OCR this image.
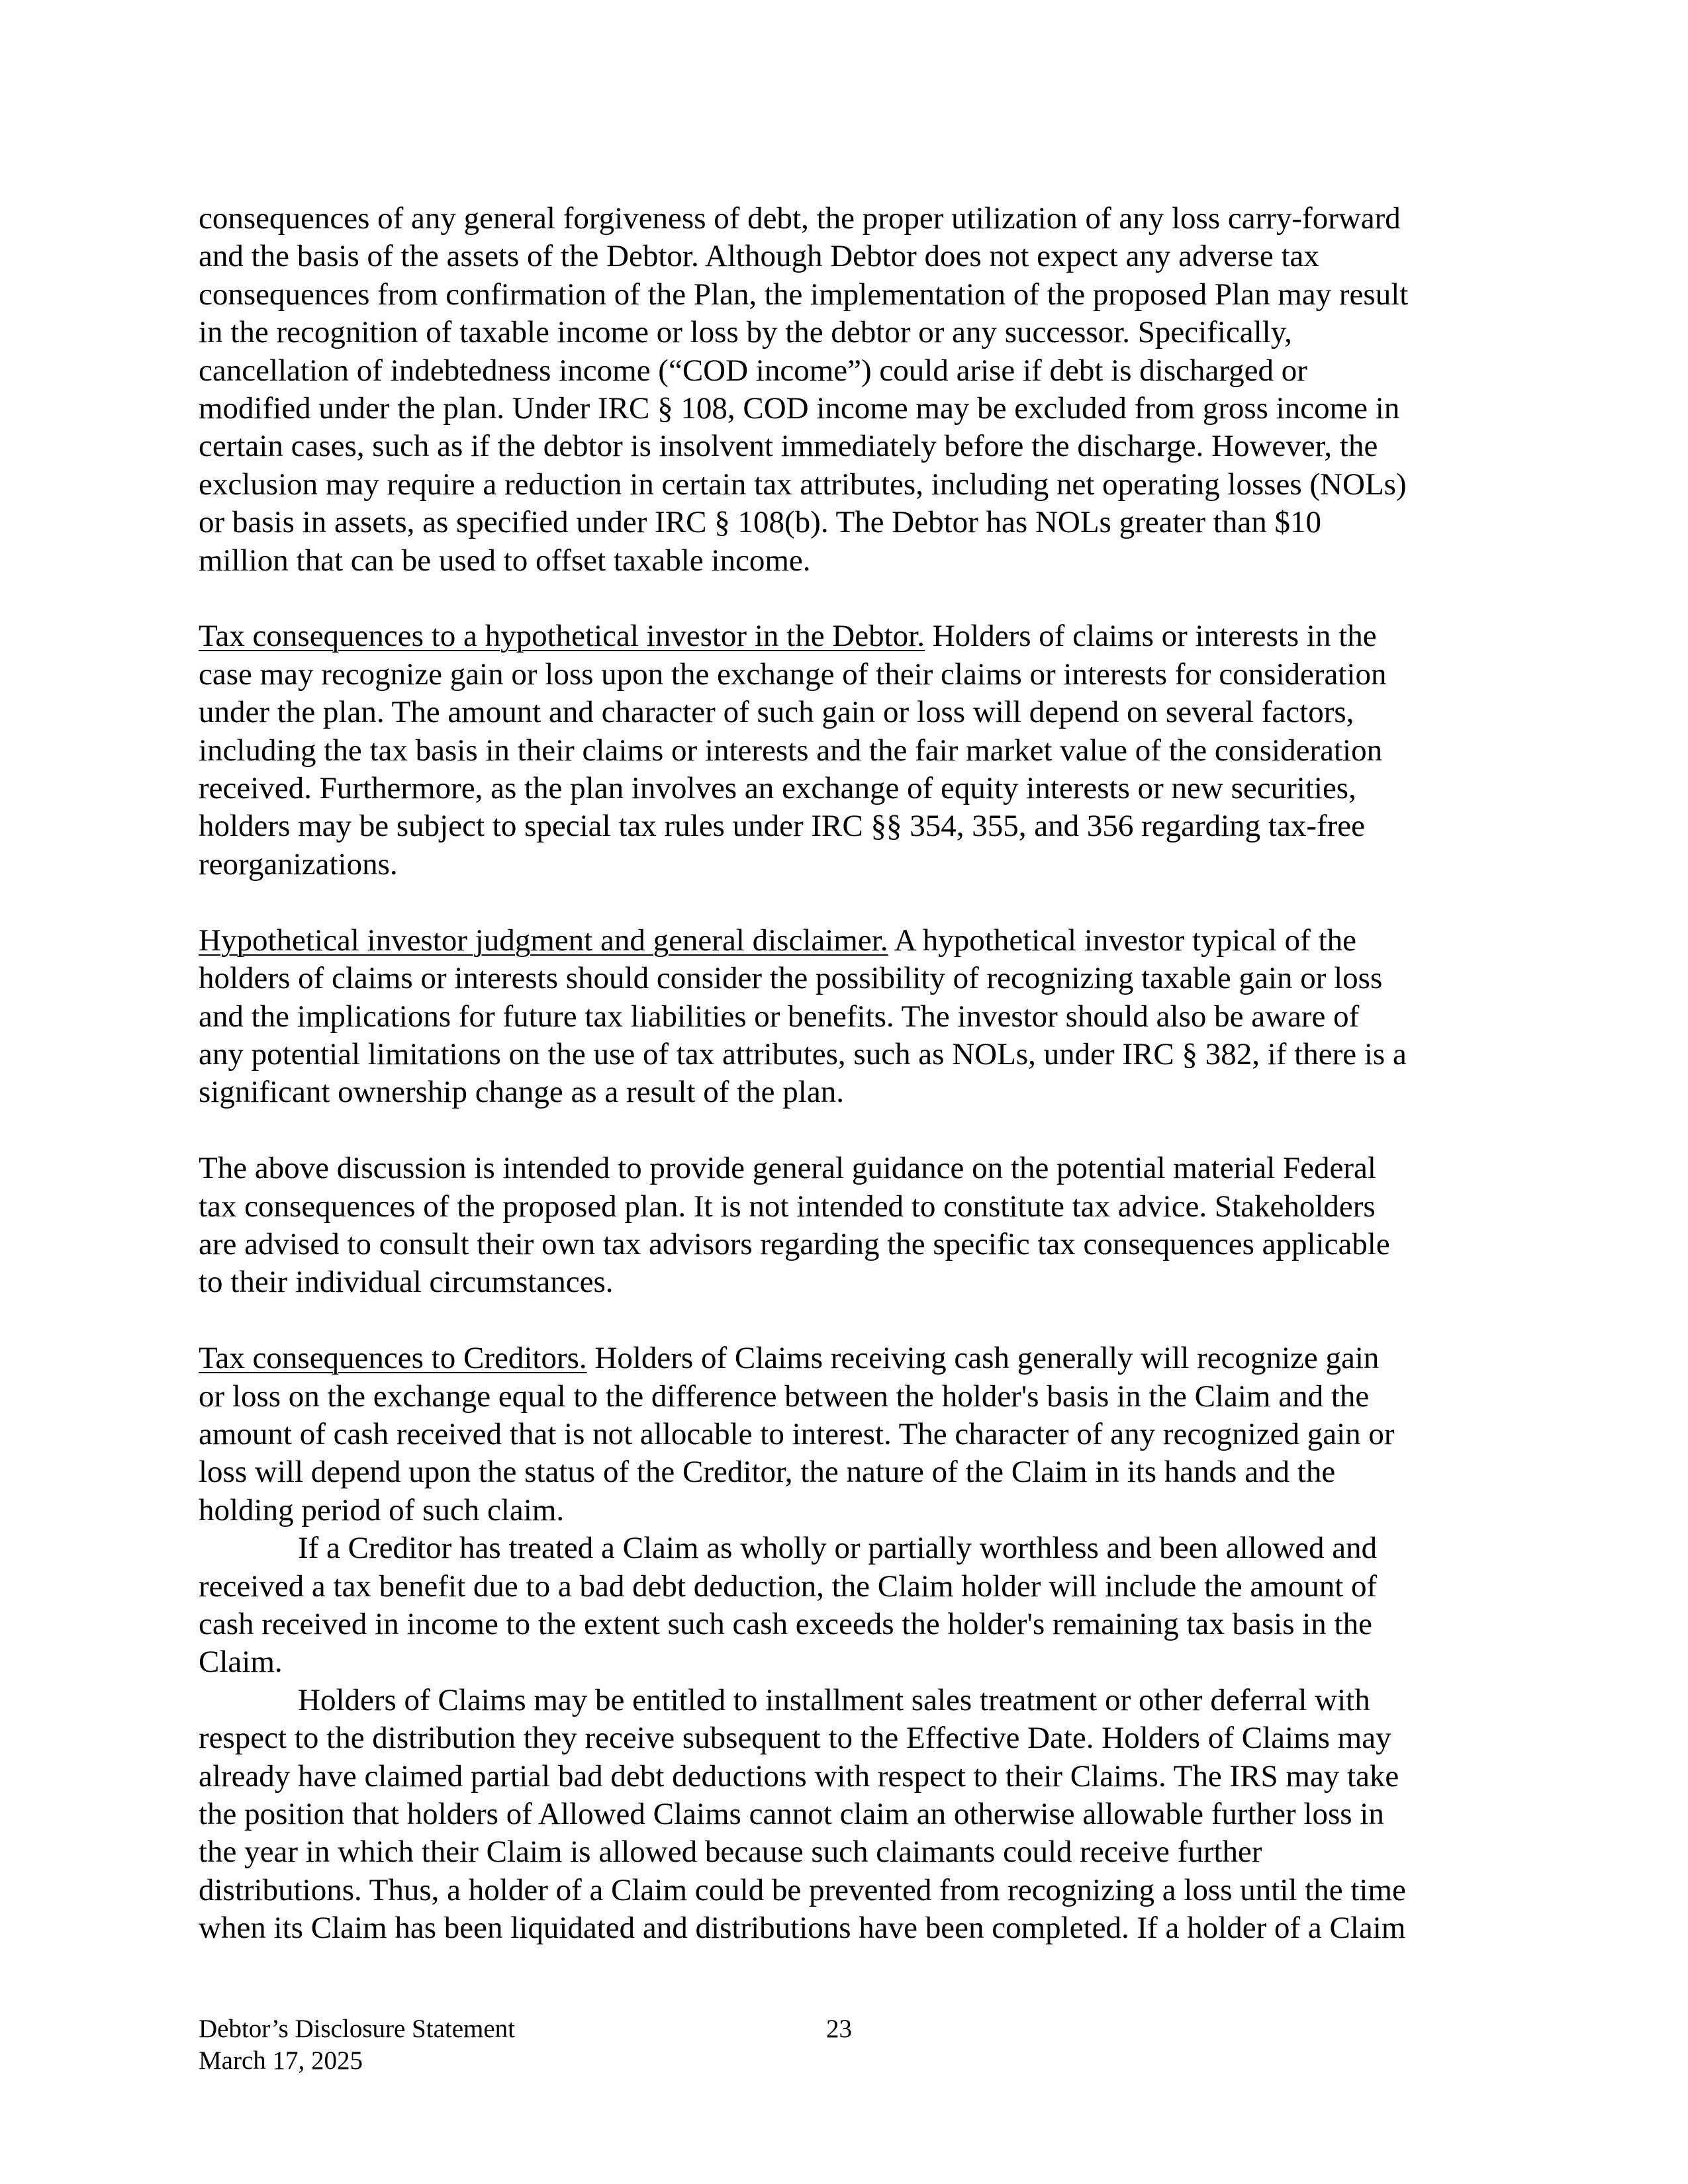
consequences of any general forgiveness of debt, the proper utilization of any loss carry-forward
and the basis of the assets of the Debtor. Although Debtor does not expect any adverse tax
consequences from confirmation of the Plan, the implementation of the proposed Plan may result
in the recognition of taxable income or loss by the debtor or any successor. Specifically,
cancellation of indebtedness income (“COD income”) could arise if debt is discharged or
modified under the plan. Under IRC § 108, COD income may be excluded from gross income in
certain cases, such as if the debtor is insolvent immediately before the discharge. However, the
exclusion may require a reduction in certain tax attributes, including net operating losses (NOLs)
or basis in assets, as specified under IRC § 108(b). The Debtor has NOLs greater than $10
million that can be used to offset taxable income.
Tax consequences to a hypothetical investor in the Debtor. Holders of claims or interests in the
case may recognize gain or loss upon the exchange of their claims or interests for consideration
under the plan. The amount and character of such gain or loss will depend on several factors,
including the tax basis in their claims or interests and the fair market value of the consideration
received. Furthermore, as the plan involves an exchange of equity interests or new securities,
holders may be subject to special tax rules under IRC §§ 354, 355, and 356 regarding tax-free
reorganizations.
Hypothetical investor judgment and general disclaimer. A hypothetical investor typical of the
holders of claims or interests should consider the possibility of recognizing taxable gain or loss
and the implications for future tax liabilities or benefits. The investor should also be aware of
any potential limitations on the use of tax attributes, such as NOLs, under IRC § 382, if there is a
significant ownership change as a result of the plan.
The above discussion is intended to provide general guidance on the potential material Federal
tax consequences of the proposed plan. It is not intended to constitute tax advice. Stakeholders
are advised to consult their own tax advisors regarding the specific tax consequences applicable
to their individual circumstances.
Tax consequences to Creditors. Holders of Claims receiving cash generally will recognize gain
or loss on the exchange equal to the difference between the holder's basis in the Claim and the
amount of cash received that is not allocable to interest. The character of any recognized gain or
loss will depend upon the status of the Creditor, the nature of the Claim in its hands and the
holding period of such claim.
If a Creditor has treated a Claim as wholly or partially worthless and been allowed and
received a tax benefit due to a bad debt deduction, the Claim holder will include the amount of
cash received in income to the extent such cash exceeds the holder's remaining tax basis in the
Claim.
Holders of Claims may be entitled to installment sales treatment or other deferral with
respect to the distribution they receive subsequent to the Effective Date. Holders of Claims may
already have claimed partial bad debt deductions with respect to their Claims. The IRS may take
the position that holders of Allowed Claims cannot claim an otherwise allowable further loss in
the year in which their Claim is allowed because such claimants could receive further
distributions. Thus, a holder of a Claim could be prevented from recognizing a loss until the time
when its Claim has been liquidated and distributions have been completed. If a holder of a Claim
Debtor’s Disclosure Statement
March 17, 2025
23
